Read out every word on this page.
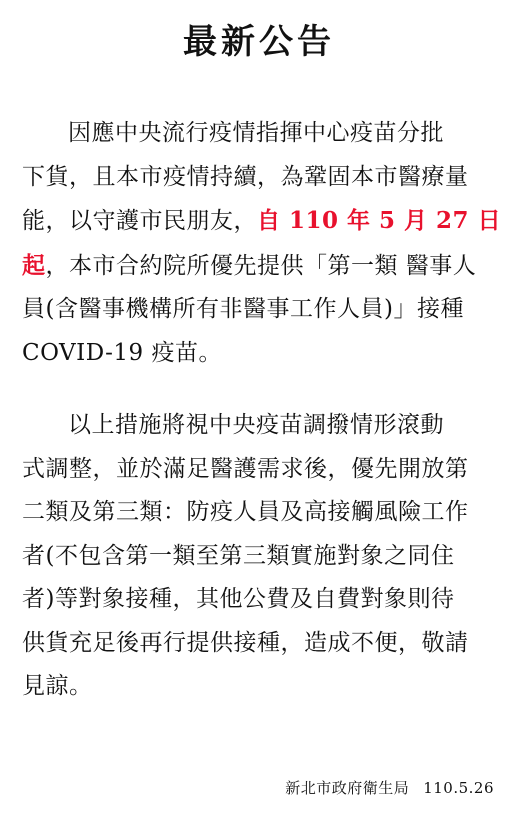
最新公告
因應中央流行疫情指揮中心疫苗分批
下貨，且本市疫情持續，為鞏固本市醫療量
能，以守護市民朋友，自 110 年 5 月 27 日
起，本市合約院所優先提供「第一類 醫事人
員(含醫事機構所有非醫事工作人員)」接種
COVID-19 疫苗。
以上措施將視中央疫苗調撥情形滾動
式調整，並於滿足醫護需求後，優先開放第
二類及第三類：防疫人員及高接觸風險工作
者(不包含第一類至第三類實施對象之同住
者)等對象接種，其他公費及自費對象則待
供貨充足後再行提供接種，造成不便，敬請
見諒。
新北市政府衛生局 110.5.26
